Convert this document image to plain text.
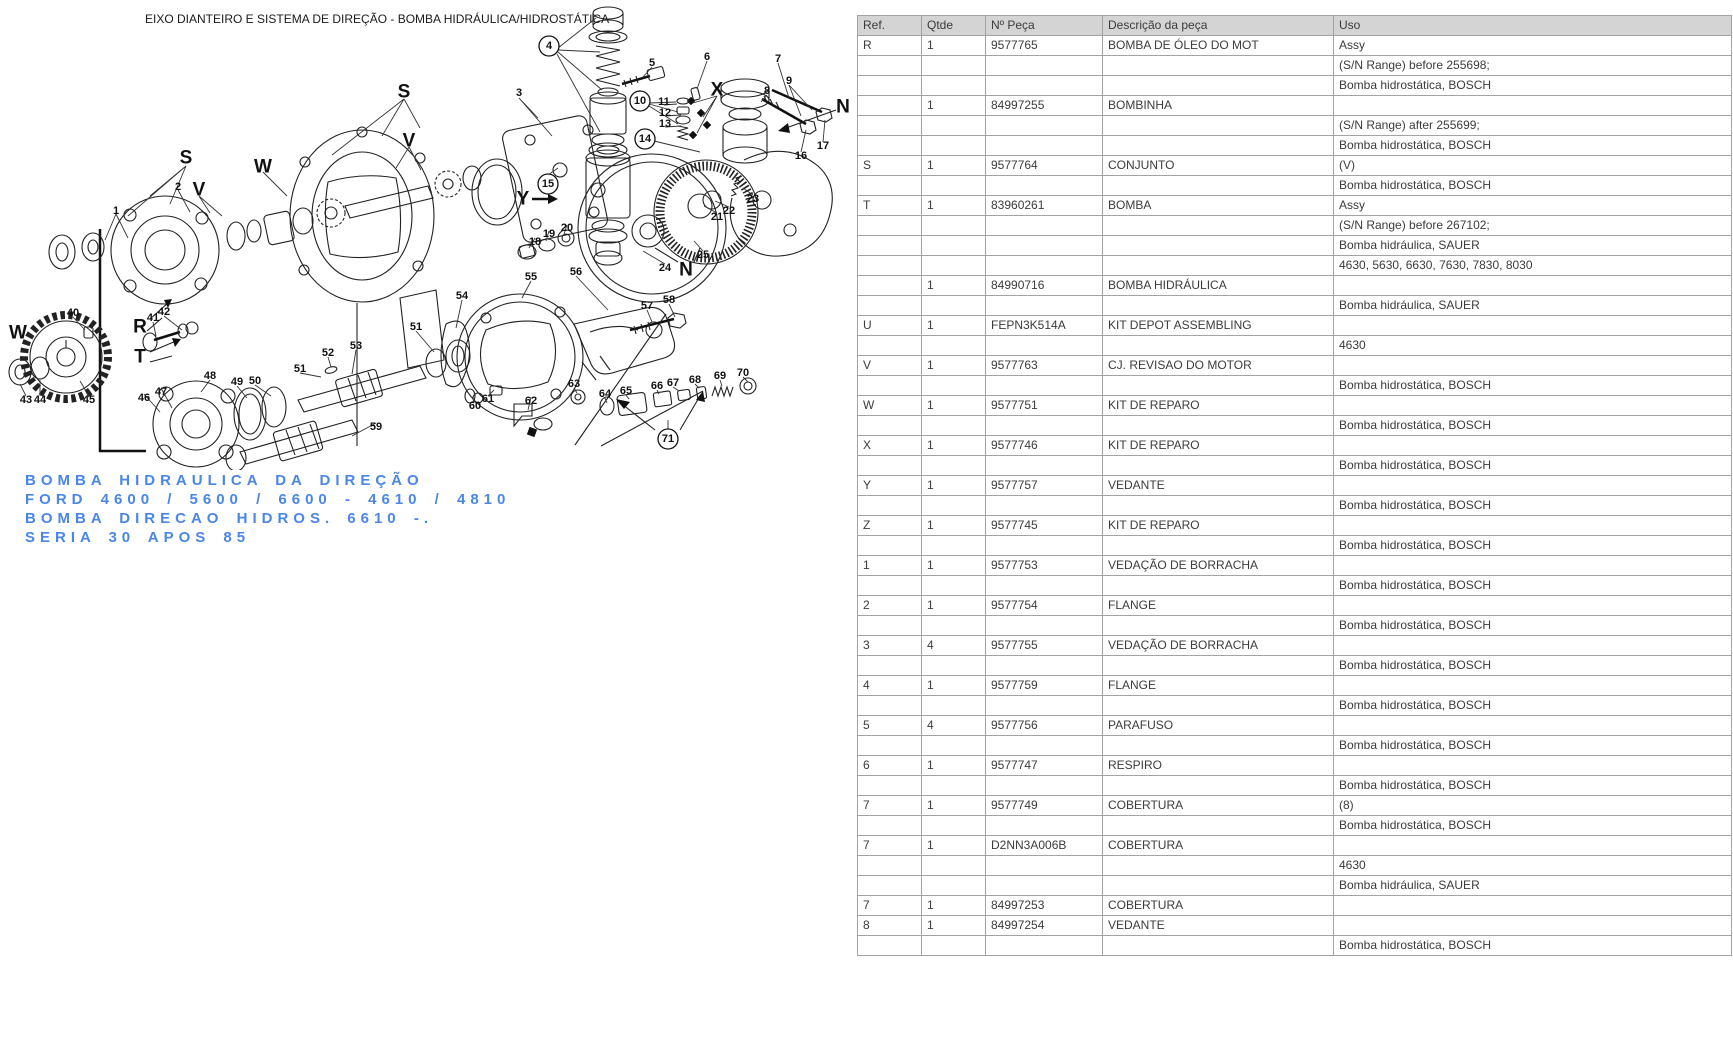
EIXO DIANTEIRO E SISTEMA DE DIREÇÃO - BOMBA HIDRÁULICA/HIDROSTÁTICA
1
2
3
4
5	6	7
8
9
10 11
12
13
14
15
16
17
18
19 20
21 22
23
24
25
40	41
42
43 44	45	46 47
48 49 50
51
51
52
53
54
55	56
57 58
59
60
61	62
63
64 65 66 67 68 69 70
71
S
S
V
V
W
W
X
Y
N
N
R
T
BOMBA HIDRAULICA DA DIREÇÃO
FORD 4600 / 5600 / 6600 - 4610 / 4810
BOMBA DIRECAO HIDROS. 6610 -.
SERIA 30 APOS 85
Ref.	Qtde	Nº Peça	Descrição da peça	Uso
R	1	9577765	BOMBA DE ÓLEO DO MOT	Assy
				(S/N Range) before 255698;
				Bomba hidrostática, BOSCH
	1	84997255	BOMBINHA	
				(S/N Range) after 255699;
				Bomba hidrostática, BOSCH
S	1	9577764	CONJUNTO	(V)
				Bomba hidrostática, BOSCH
T	1	83960261	BOMBA	Assy
				(S/N Range) before 267102;
				Bomba hidráulica, SAUER
				4630, 5630, 6630, 7630, 7830, 8030
	1	84990716	BOMBA HIDRÁULICA	
				Bomba hidráulica, SAUER
U	1	FEPN3K514A	KIT DEPOT ASSEMBLING	
				4630
V	1	9577763	CJ. REVISAO DO MOTOR	
				Bomba hidrostática, BOSCH
W	1	9577751	KIT DE REPARO	
				Bomba hidrostática, BOSCH
X	1	9577746	KIT DE REPARO	
				Bomba hidrostática, BOSCH
Y	1	9577757	VEDANTE	
				Bomba hidrostática, BOSCH
Z	1	9577745	KIT DE REPARO	
				Bomba hidrostática, BOSCH
1	1	9577753	VEDAÇÃO DE BORRACHA	
				Bomba hidrostática, BOSCH
2	1	9577754	FLANGE	
				Bomba hidrostática, BOSCH
3	4	9577755	VEDAÇÃO DE BORRACHA	
				Bomba hidrostática, BOSCH
4	1	9577759	FLANGE	
				Bomba hidrostática, BOSCH
5	4	9577756	PARAFUSO	
				Bomba hidrostática, BOSCH
6	1	9577747	RESPIRO	
				Bomba hidrostática, BOSCH
7	1	9577749	COBERTURA	(8)
				Bomba hidrostática, BOSCH
7	1	D2NN3A006B	COBERTURA	
				4630
				Bomba hidráulica, SAUER
7	1	84997253	COBERTURA	
8	1	84997254	VEDANTE	
				Bomba hidrostática, BOSCH
